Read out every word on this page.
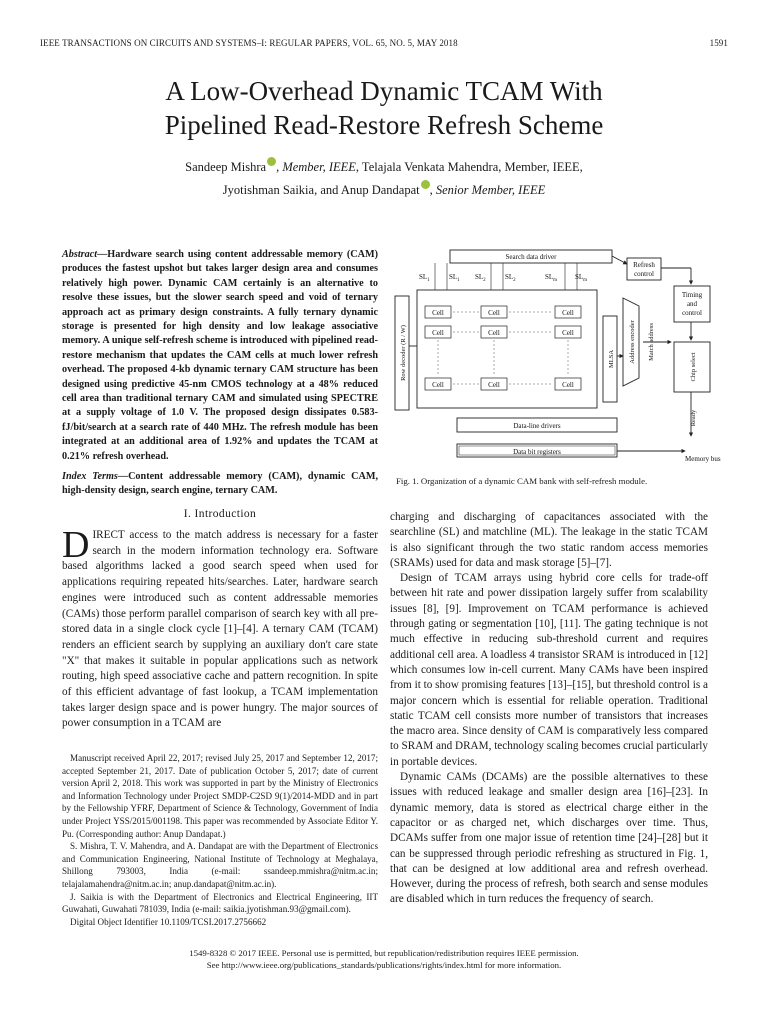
IEEE TRANSACTIONS ON CIRCUITS AND SYSTEMS–I: REGULAR PAPERS, VOL. 65, NO. 5, MAY 2018	1591
A Low-Overhead Dynamic TCAM With
Pipelined Read-Restore Refresh Scheme
Sandeep Mishra , Member, IEEE, Telajala Venkata Mahendra, Member, IEEE,
Jyotishman Saikia, and Anup Dandapat , Senior Member, IEEE
Abstract—Hardware search using content addressable memory (CAM) produces the fastest upshot but takes larger design area and consumes relatively high power. Dynamic CAM certainly is an alternative to resolve these issues, but the slower search speed and void of ternary approach act as primary design constraints. A fully ternary dynamic storage is presented for high density and low leakage associative memory. A unique self-refresh scheme is introduced with pipelined read-restore mechanism that updates the CAM cells at much lower refresh overhead. The proposed 4-kb dynamic ternary CAM structure has been designed using predictive 45-nm CMOS technology at a 48% reduced cell area than traditional ternary CAM and simulated using SPECTRE at a supply voltage of 1.0 V. The proposed design dissipates 0.583-fJ/bit/search at a search rate of 440 MHz. The refresh module has been integrated at an additional area of 1.92% and updates the TCAM at 0.21% refresh overhead.
Index Terms—Content addressable memory (CAM), dynamic CAM, high-density design, search engine, ternary CAM.
I. Introduction
DIRECT access to the match address is necessary for a faster search in the modern information technology era. Software based algorithms lacked a good search speed when used for applications requiring repeated hits/searches. Later, hardware search engines were introduced such as content addressable memories (CAMs) those perform parallel comparison of search key with all pre-stored data in a single clock cycle [1]–[4]. A ternary CAM (TCAM) renders an efficient search by supplying an auxiliary don't care state "X" that makes it suitable in popular applications such as network routing, high speed associative cache and pattern recognition. In spite of this efficient advantage of fast lookup, a TCAM implementation takes larger design space and is power hungry. The major sources of power consumption in a TCAM are

Manuscript received April 22, 2017; revised July 25, 2017 and September 12, 2017; accepted September 21, 2017. Date of publication October 5, 2017; date of current version April 2, 2018. This work was supported in part by the Ministry of Electronics and Information Technology under Project SMDP-C2SD 9(1)/2014-MDD and in part by the Fellowship YFRF, Department of Science & Technology, Government of India under Project YSS/2015/001198. This paper was recommended by Associate Editor Y. Pu. (Corresponding author: Anup Dandapat.)

S. Mishra, T. V. Mahendra, and A. Dandapat are with the Department of Electronics and Communication Engineering, National Institute of Technology at Meghalaya, Shillong 793003, India (e-mail: ssandeep.mmishra@nitm.ac.in; telajalamahendra@nitm.ac.in; anup.dandapat@nitm.ac.in).

J. Saikia is with the Department of Electronics and Electrical Engineering, IIT Guwahati, Guwahati 781039, India (e-mail: saikia.jyotishman.93@gmail.com).

Digital Object Identifier 10.1109/TCSI.2017.2756662

Search data driver
Refresh
control
Timing
and
control
Data-line drivers
Data bit registers
Cell	Cell	Cell
Cell	Cell	Cell
Cell	Cell	Cell
$SL_1$	$SL_1$ $SL_2$	$SL_2$	$SL_m$	$SL_m$
Memory bus
Row decoder (R / W)	MLSA Address encoder Match address
Chip select
Ready
Fig. 1. Organization of a dynamic CAM bank with self-refresh module.

charging and discharging of capacitances associated with the searchline (SL) and matchline (ML). The leakage in the static TCAM is also significant through the two static random access memories (SRAMs) used for data and mask storage [5]–[7].

Design of TCAM arrays using hybrid core cells for trade-off between hit rate and power dissipation largely suffer from scalability issues [8], [9]. Improvement on TCAM performance is achieved through gating or segmentation [10], [11]. The gating technique is not much effective in reducing sub-threshold current and requires additional cell area. A loadless 4 transistor SRAM is introduced in [12] which consumes low in-cell current. Many CAMs have been inspired from it to show promising features [13]–[15], but threshold control is a major concern which is essential for reliable operation. Traditional static TCAM cell consists more number of transistors that increases the macro area. Since density of CAM is comparatively less compared to SRAM and DRAM, technology scaling becomes crucial particularly in portable devices.

Dynamic CAMs (DCAMs) are the possible alternatives to these issues with reduced leakage and smaller design area [16]–[23]. In dynamic memory, data is stored as electrical charge either in the capacitor or as charged net, which discharges over time. Thus, DCAMs suffer from one major issue of retention time [24]–[28] but it can be suppressed through periodic refreshing as structured in Fig. 1, that can be designed at low additional area and refresh overhead. However, during the process of refresh, both search and sense modules are disabled which in turn reduces the frequency of search.

1549-8328 © 2017 IEEE. Personal use is permitted, but republication/redistribution requires IEEE permission.
See http://www.ieee.org/publications_standards/publications/rights/index.html for more information.
